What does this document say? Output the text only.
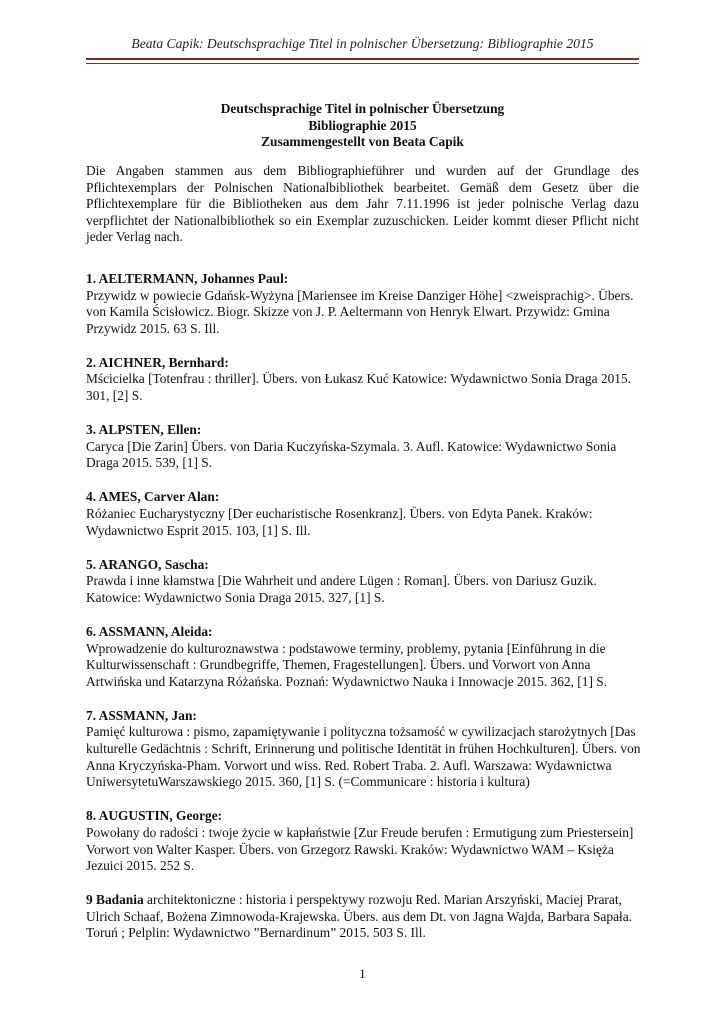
Beata Capik: Deutschsprachige Titel in polnischer Übersetzung: Bibliographie 2015
Deutschsprachige Titel in polnischer Übersetzung
Bibliographie 2015
Zusammengestellt von Beata Capik
Die Angaben stammen aus dem Bibliographieführer und wurden auf der Grundlage des Pflichtexemplars der Polnischen Nationalbibliothek bearbeitet. Gemäß dem Gesetz über die Pflichtexemplare für die Bibliotheken aus dem Jahr 7.11.1996 ist jeder polnische Verlag dazu verpflichtet der Nationalbibliothek so ein Exemplar zuzuschicken. Leider kommt dieser Pflicht nicht jeder Verlag nach.
1. AELTERMANN, Johannes Paul:
Przywidz w powiecie Gdańsk-Wyżyna [Mariensee im Kreise Danziger Höhe] <zweisprachig>. Übers. von Kamila Ścisłowicz. Biogr. Skizze von J. P. Aeltermann von Henryk Elwart. Przywidz: Gmina Przywidz 2015. 63 S. Ill.
2. AICHNER, Bernhard:
Mścicielka [Totenfrau : thriller]. Übers. von Łukasz Kuć Katowice: Wydawnictwo Sonia Draga 2015. 301, [2] S.
3. ALPSTEN, Ellen:
Caryca [Die Zarin] Übers. von Daria Kuczyńska-Szymala. 3. Aufl. Katowice: Wydawnictwo Sonia Draga 2015. 539, [1] S.
4. AMES, Carver Alan:
Różaniec Eucharystyczny [Der eucharistische Rosenkranz]. Übers. von Edyta Panek. Kraków: Wydawnictwo Esprit 2015. 103, [1] S. Ill.
5. ARANGO, Sascha:
Prawda i inne kłamstwa [Die Wahrheit und andere Lügen : Roman]. Übers. von Dariusz Guzik. Katowice: Wydawnictwo Sonia Draga 2015. 327, [1] S.
6. ASSMANN, Aleida:
Wprowadzenie do kulturoznawstwa : podstawowe terminy, problemy, pytania [Einführung in die Kulturwissenschaft : Grundbegriffe, Themen, Fragestellungen]. Übers. und Vorwort von Anna Artwińska und Katarzyna Różańska. Poznań: Wydawnictwo Nauka i Innowacje 2015. 362, [1] S.
7. ASSMANN, Jan:
Pamięć kulturowa : pismo, zapamiętywanie i polityczna tożsamość w cywilizacjach starożytnych [Das kulturelle Gedächtnis : Schrift, Erinnerung und politische Identität in frühen Hochkulturen]. Übers. von Anna Kryczyńska-Pham. Vorwort und wiss. Red. Robert Traba. 2. Aufl. Warszawa: Wydawnictwa UniwersytetuWarszawskiego 2015. 360, [1] S. (=Communicare : historia i kultura)
8. AUGUSTIN, George:
Powołany do radości : twoje życie w kapłaństwie [Zur Freude berufen : Ermutigung zum Priestersein] Vorwort von Walter Kasper. Übers. von Grzegorz Rawski. Kraków: Wydawnictwo WAM – Księża Jezuici 2015. 252 S.
9 Badania architektoniczne : historia i perspektywy rozwoju Red. Marian Arszyński, Maciej Prarat, Ulrich Schaaf, Bożena Zimnowoda-Krajewska. Übers. aus dem Dt. von Jagna Wajda, Barbara Sapała. Toruń ; Pelplin: Wydawnictwo ”Bernardinum” 2015. 503 S. Ill.
1
